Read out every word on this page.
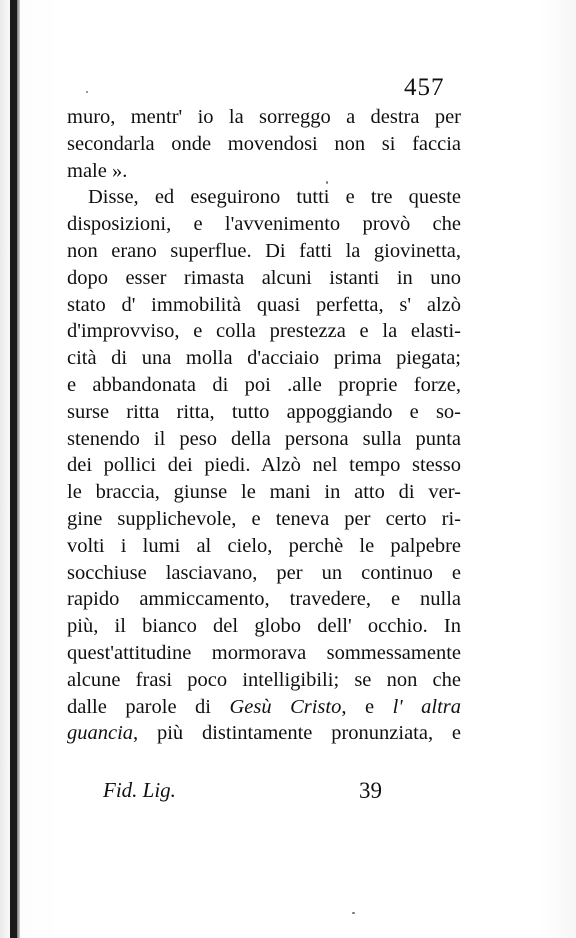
457
muro, mentr' io la sorreggo a destra per
secondarla onde movendosi non si faccia
male ».
Disse, ed eseguirono tutti e tre queste
disposizioni, e l'avvenimento provò che
non erano superflue. Di fatti la giovinetta,
dopo esser rimasta alcuni istanti in uno
stato d' immobilità quasi perfetta, s' alzò
d'improvviso, e colla prestezza e la elasti-
cità di una molla d'acciaio prima piegata;
e abbandonata di poi .alle proprie forze,
surse ritta ritta, tutto appoggiando e so-
stenendo il peso della persona sulla punta
dei pollici dei piedi. Alzò nel tempo stesso
le braccia, giunse le mani in atto di ver-
gine supplichevole, e teneva per certo ri-
volti i lumi al cielo, perchè le palpebre
socchiuse lasciavano, per un continuo e
rapido ammiccamento, travedere, e nulla
più, il bianco del globo dell' occhio. In
quest'attitudine mormorava sommessamente
alcune frasi poco intelligibili; se non che
dalle parole di Gesù Cristo, e l' altra
guancia, più distintamente pronunziata, e
Fid. Lig.	39
